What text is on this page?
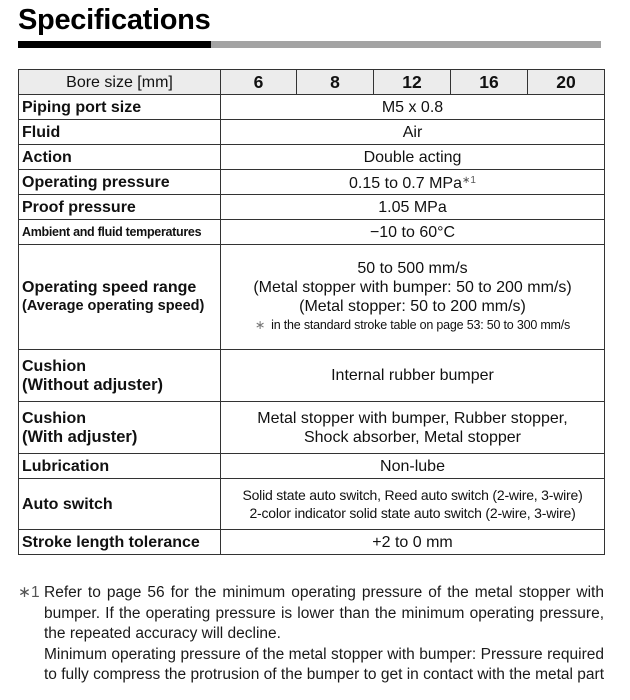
Specifications
Bore size [mm]	6	8	12	16	20
Piping port size	M5 x 0.8				
Fluid	Air				
Action	Double acting				
Operating pressure	0.15 to 0.7 MPa$^{∗1}$
Proof pressure	1.05 MPa				
Ambient and fluid temperatures	−10 to 60°C				
Operating speed range
(Average operating speed)	50 to 500 mm/s
(Metal stopper with bumper: 50 to 200 mm/s)
(Metal stopper: 50 to 200 mm/s)
∗ in the standard stroke table on page 53: 50 to 300 mm/s				

Cushion
(Without adjuster)	Internal rubber bumper				
Cushion
(With adjuster)	Metal stopper with bumper, Rubber stopper,
Shock absorber, Metal stopper				

Lubrication	Non-lube				
Auto switch	Solid state auto switch, Reed auto switch (2-wire, 3-wire)
2-color indicator solid state auto switch (2-wire, 3-wire)				

Stroke length tolerance	+2 to 0 mm				
∗1 Refer to page 56 for the minimum operating pressure of the metal stopper with bumper. If the operating pressure is lower than the minimum operating pressure, the repeated accuracy will decline.

Minimum operating pressure of the metal stopper with bumper: Pressure required to fully compress the protrusion of the bumper to get in contact with the metal part
